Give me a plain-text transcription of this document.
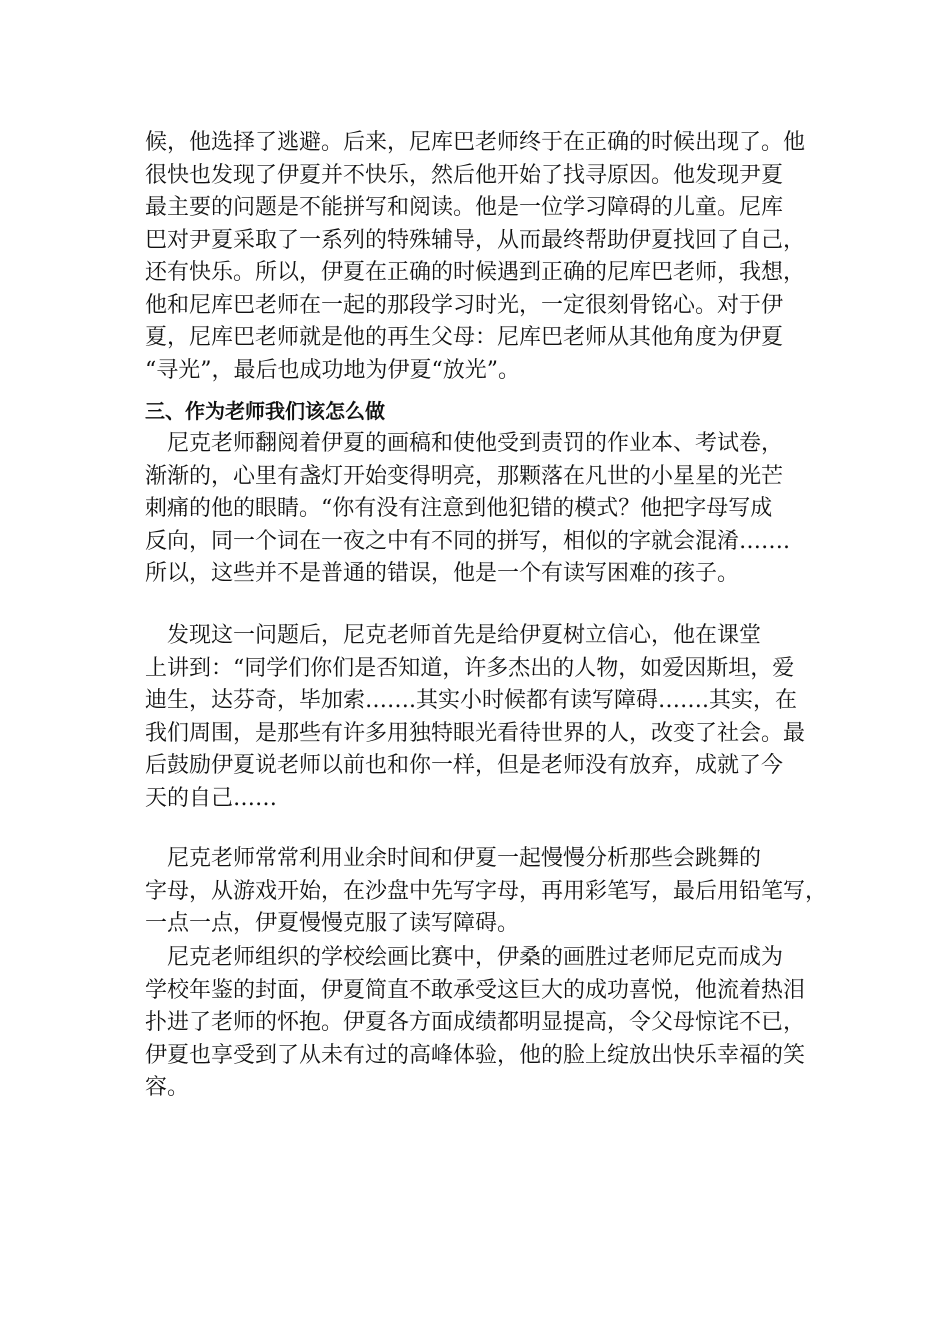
候，他选择了逃避。后来，尼库巴老师终于在正确的时候出现了。他
很快也发现了伊夏并不快乐，然后他开始了找寻原因。他发现尹夏
最主要的问题是不能拼写和阅读。他是一位学习障碍的儿童。尼库
巴对尹夏采取了一系列的特殊辅导，从而最终帮助伊夏找回了自己，
还有快乐。所以，伊夏在正确的时候遇到正确的尼库巴老师，我想，
他和尼库巴老师在一起的那段学习时光，一定很刻骨铭心。对于伊
夏，尼库巴老师就是他的再生父母：尼库巴老师从其他角度为伊夏
“寻光”，最后也成功地为伊夏“放光”。
三、作为老师我们该怎么做
　尼克老师翻阅着伊夏的画稿和使他受到责罚的作业本、考试卷，
渐渐的，心里有盏灯开始变得明亮，那颗落在凡世的小星星的光芒
刺痛的他的眼睛。“你有没有注意到他犯错的模式？他把字母写成
反向，同一个词在一夜之中有不同的拼写，相似的字就会混淆…….
所以，这些并不是普通的错误，他是一个有读写困难的孩子。
　发现这一问题后，尼克老师首先是给伊夏树立信心，他在课堂
上讲到：“同学们你们是否知道，许多杰出的人物，如爱因斯坦，爱
迪生，达芬奇，毕加索…….其实小时候都有读写障碍…….其实，在
我们周围，是那些有许多用独特眼光看待世界的人，改变了社会。最
后鼓励伊夏说老师以前也和你一样，但是老师没有放弃，成就了今
天的自己……
　尼克老师常常利用业余时间和伊夏一起慢慢分析那些会跳舞的
字母，从游戏开始，在沙盘中先写字母，再用彩笔写，最后用铅笔写，
一点一点，伊夏慢慢克服了读写障碍。
　尼克老师组织的学校绘画比赛中，伊桑的画胜过老师尼克而成为
学校年鉴的封面，伊夏简直不敢承受这巨大的成功喜悦，他流着热泪
扑进了老师的怀抱。伊夏各方面成绩都明显提高，令父母惊诧不已，
伊夏也享受到了从未有过的高峰体验，他的脸上绽放出快乐幸福的笑
容。
